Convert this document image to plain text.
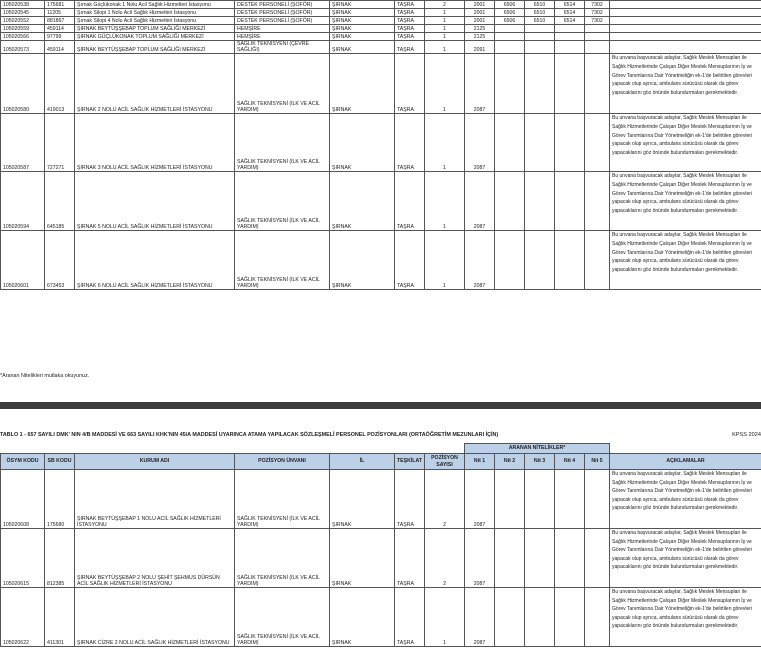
105020538	175681	Şırnak Güçlükonak 1 Nolu Acil Sağlık Hizmetleri İstasyonu	DESTEK PERSONELİ (ŞOFÖR)	ŞIRNAK	TAŞRA	2	2001	6506	6510	6514	7302	
105020545	11205	Şırnak Silopi 1 Nolu Acil Sağlık Hizmetleri İstasyonu	DESTEK PERSONELİ (ŞOFÖR)	ŞIRNAK	TAŞRA	1	2001	6506	6510	6514	7302	
105020552	881867	Şırnak Silopi 4 Nolu Acil Sağlık Hizmetleri İstasyonu	DESTEK PERSONELİ (ŞOFÖR)	ŞIRNAK	TAŞRA	1	2001	6506	6510	6514	7302	
105020559	459114	ŞIRNAK BEYTÜŞŞEBAP TOPLUM SAĞLIĞI MERKEZİ	HEMŞİRE	ŞIRNAK	TAŞRA	1	2125					
105020566	97799	ŞIRNAK GÜÇLÜKONAK TOPLUM SAĞLIĞI MERKEZİ	HEMŞİRE	ŞIRNAK	TAŞRA	1	2125					
105020573	459114	ŞIRNAK BEYTÜŞŞEBAP TOPLUM SAĞLIĞI MERKEZİ	SAĞLIK TEKNİSYENİ (ÇEVRE SAĞLIĞI)	ŞIRNAK	TAŞRA	1	2091					
105020580	419013	ŞIRNAK 2 NOLU ACİL SAĞLIK HİZMETLERİ İSTASYONU	SAĞLIK TEKNİSYENİ (İLK VE ACİL YARDIM)	ŞIRNAK	TAŞRA	1	2087					Bu unvana başvuracak adaylar, Sağlık Meslek Mensupları ile Sağlık Hizmetlerinde Çalışan Diğer Meslek Mensuplarının İş ve Görev Tanımlarına Dair Yönetmeliğin ek-1'de belirtilen görevleri yapacak olup ayrıca, ambulans sürücüsü olarak da görev yapacaklarını göz önünde bulundurmaları gerekmektedir.
105020587	727271	ŞIRNAK 3 NOLU ACİL SAĞLIK HİZMETLERİ İSTASYONU	SAĞLIK TEKNİSYENİ (İLK VE ACİL YARDIM)	ŞIRNAK	TAŞRA	1	2087					Bu unvana başvuracak adaylar, Sağlık Meslek Mensupları ile Sağlık Hizmetlerinde Çalışan Diğer Meslek Mensuplarının İş ve Görev Tanımlarına Dair Yönetmeliğin ek-1'de belirtilen görevleri yapacak olup ayrıca, ambulans sürücüsü olarak da görev yapacaklarını göz önünde bulundurmaları gerekmektedir.
105020594	645185	ŞIRNAK 5 NOLU ACİL SAĞLIK HİZMETLERİ İSTASYONU	SAĞLIK TEKNİSYENİ (İLK VE ACİL YARDIM)	ŞIRNAK	TAŞRA	1	2087					Bu unvana başvuracak adaylar, Sağlık Meslek Mensupları ile Sağlık Hizmetlerinde Çalışan Diğer Meslek Mensuplarının İş ve Görev Tanımlarına Dair Yönetmeliğin ek-1'de belirtilen görevleri yapacak olup ayrıca, ambulans sürücüsü olarak da görev yapacaklarını göz önünde bulundurmaları gerekmektedir.
105020601	673453	ŞIRNAK 6 NOLU ACİL SAĞLIK HİZMETLERİ İSTASYONU	SAĞLIK TEKNİSYENİ (İLK VE ACİL YARDIM)	ŞIRNAK	TAŞRA	1	2087					Bu unvana başvuracak adaylar, Sağlık Meslek Mensupları ile Sağlık Hizmetlerinde Çalışan Diğer Meslek Mensuplarının İş ve Görev Tanımlarına Dair Yönetmeliğin ek-1'de belirtilen görevleri yapacak olup ayrıca, ambulans sürücüsü olarak da görev yapacaklarını göz önünde bulundurmaları gerekmektedir.
*Aranan Nitelikleri mutlaka okuyunuz.
TABLO 1 - 657 SAYILI DMK' NIN 4/B MADDESİ VE 663 SAYILI KHK'NIN 45/A MADDESİ UYARINCA ATAMA YAPILACAK SÖZLEŞMELİ PERSONEL POZİSYONLARI (ORTAÖĞRETİM MEZUNLARI İÇİN)	KPSS 2024
							ARANAN NİTELİKLER*					
ÖSYM KODU	SB KODU	KURUM ADI	POZİSYON ÜNVANI	İL	TEŞKİLAT	POZİSYON SAYISI	Nit 1	Nit 2	Nit 3	Nit 4	Nit 5	AÇIKLAMALAR
105020608	175680	ŞIRNAK BEYTÜŞŞEBAP 1 NOLU ACİL SAĞLIK HİZMETLERİ İSTASYONU	SAĞLIK TEKNİSYENİ (İLK VE ACİL YARDIM)	ŞIRNAK	TAŞRA	2	2087					Bu unvana başvuracak adaylar, Sağlık Meslek Mensupları ile Sağlık Hizmetlerinde Çalışan Diğer Meslek Mensuplarının İş ve Görev Tanımlarına Dair Yönetmeliğin ek-1'de belirtilen görevleri yapacak olup ayrıca, ambulans sürücüsü olarak da görev yapacaklarını göz önünde bulundurmaları gerekmektedir.
105020615	812385	ŞIRNAK BEYTÜŞŞEBAP 2 NOLU ŞEHİT ŞEHMUS DÜRSÜN ACİL SAĞLIK HİZMETLERİ İSTASYONU	SAĞLIK TEKNİSYENİ (İLK VE ACİL YARDIM)	ŞIRNAK	TAŞRA	2	2087					Bu unvana başvuracak adaylar, Sağlık Meslek Mensupları ile Sağlık Hizmetlerinde Çalışan Diğer Meslek Mensuplarının İş ve Görev Tanımlarına Dair Yönetmeliğin ek-1'de belirtilen görevleri yapacak olup ayrıca, ambulans sürücüsü olarak da görev yapacaklarını göz önünde bulundurmaları gerekmektedir.
105020622	411301	ŞIRNAK CİZRE 2 NOLU ACİL SAĞLIK HİZMETLERİ İSTASYONU	SAĞLIK TEKNİSYENİ (İLK VE ACİL YARDIM)	ŞIRNAK	TAŞRA	1	2087					Bu unvana başvuracak adaylar, Sağlık Meslek Mensupları ile Sağlık Hizmetlerinde Çalışan Diğer Meslek Mensuplarının İş ve Görev Tanımlarına Dair Yönetmeliğin ek-1'de belirtilen görevleri yapacak olup ayrıca, ambulans sürücüsü olarak da görev yapacaklarını göz önünde bulundurmaları gerekmektedir.
